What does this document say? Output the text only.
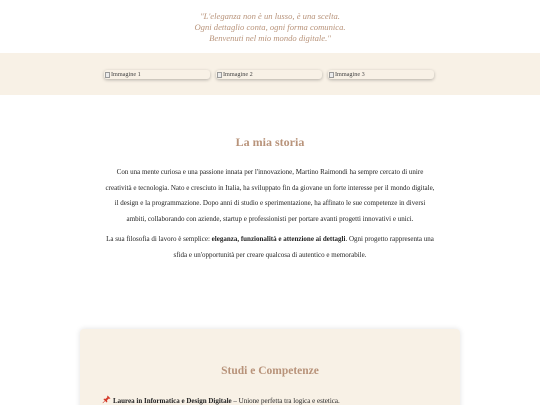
"L'eleganza non è un lusso, è una scelta.
Ogni dettaglio conta, ogni forma comunica.
Benvenuti nel mio mondo digitale."
Immagine 1	Immagine 2	Immagine 3
La mia storia

Con una mente curiosa e una passione innata per l'innovazione, Martino Raimondi ha sempre cercato di unire creatività e tecnologia. Nato e cresciuto in Italia, ha sviluppato fin da giovane un forte interesse per il mondo digitale, il design e la programmazione. Dopo anni di studio e sperimentazione, ha affinato le sue competenze in diversi ambiti, collaborando con aziende, startup e professionisti per portare avanti progetti innovativi e unici.

La sua filosofia di lavoro è semplice: eleganza, funzionalità e attenzione ai dettagli. Ogni progetto rappresenta una sfida e un'opportunità per creare qualcosa di autentico e memorabile.

Studi e Competenze
Laurea in Informatica e Design Digitale – Unione perfetta tra logica e estetica.
